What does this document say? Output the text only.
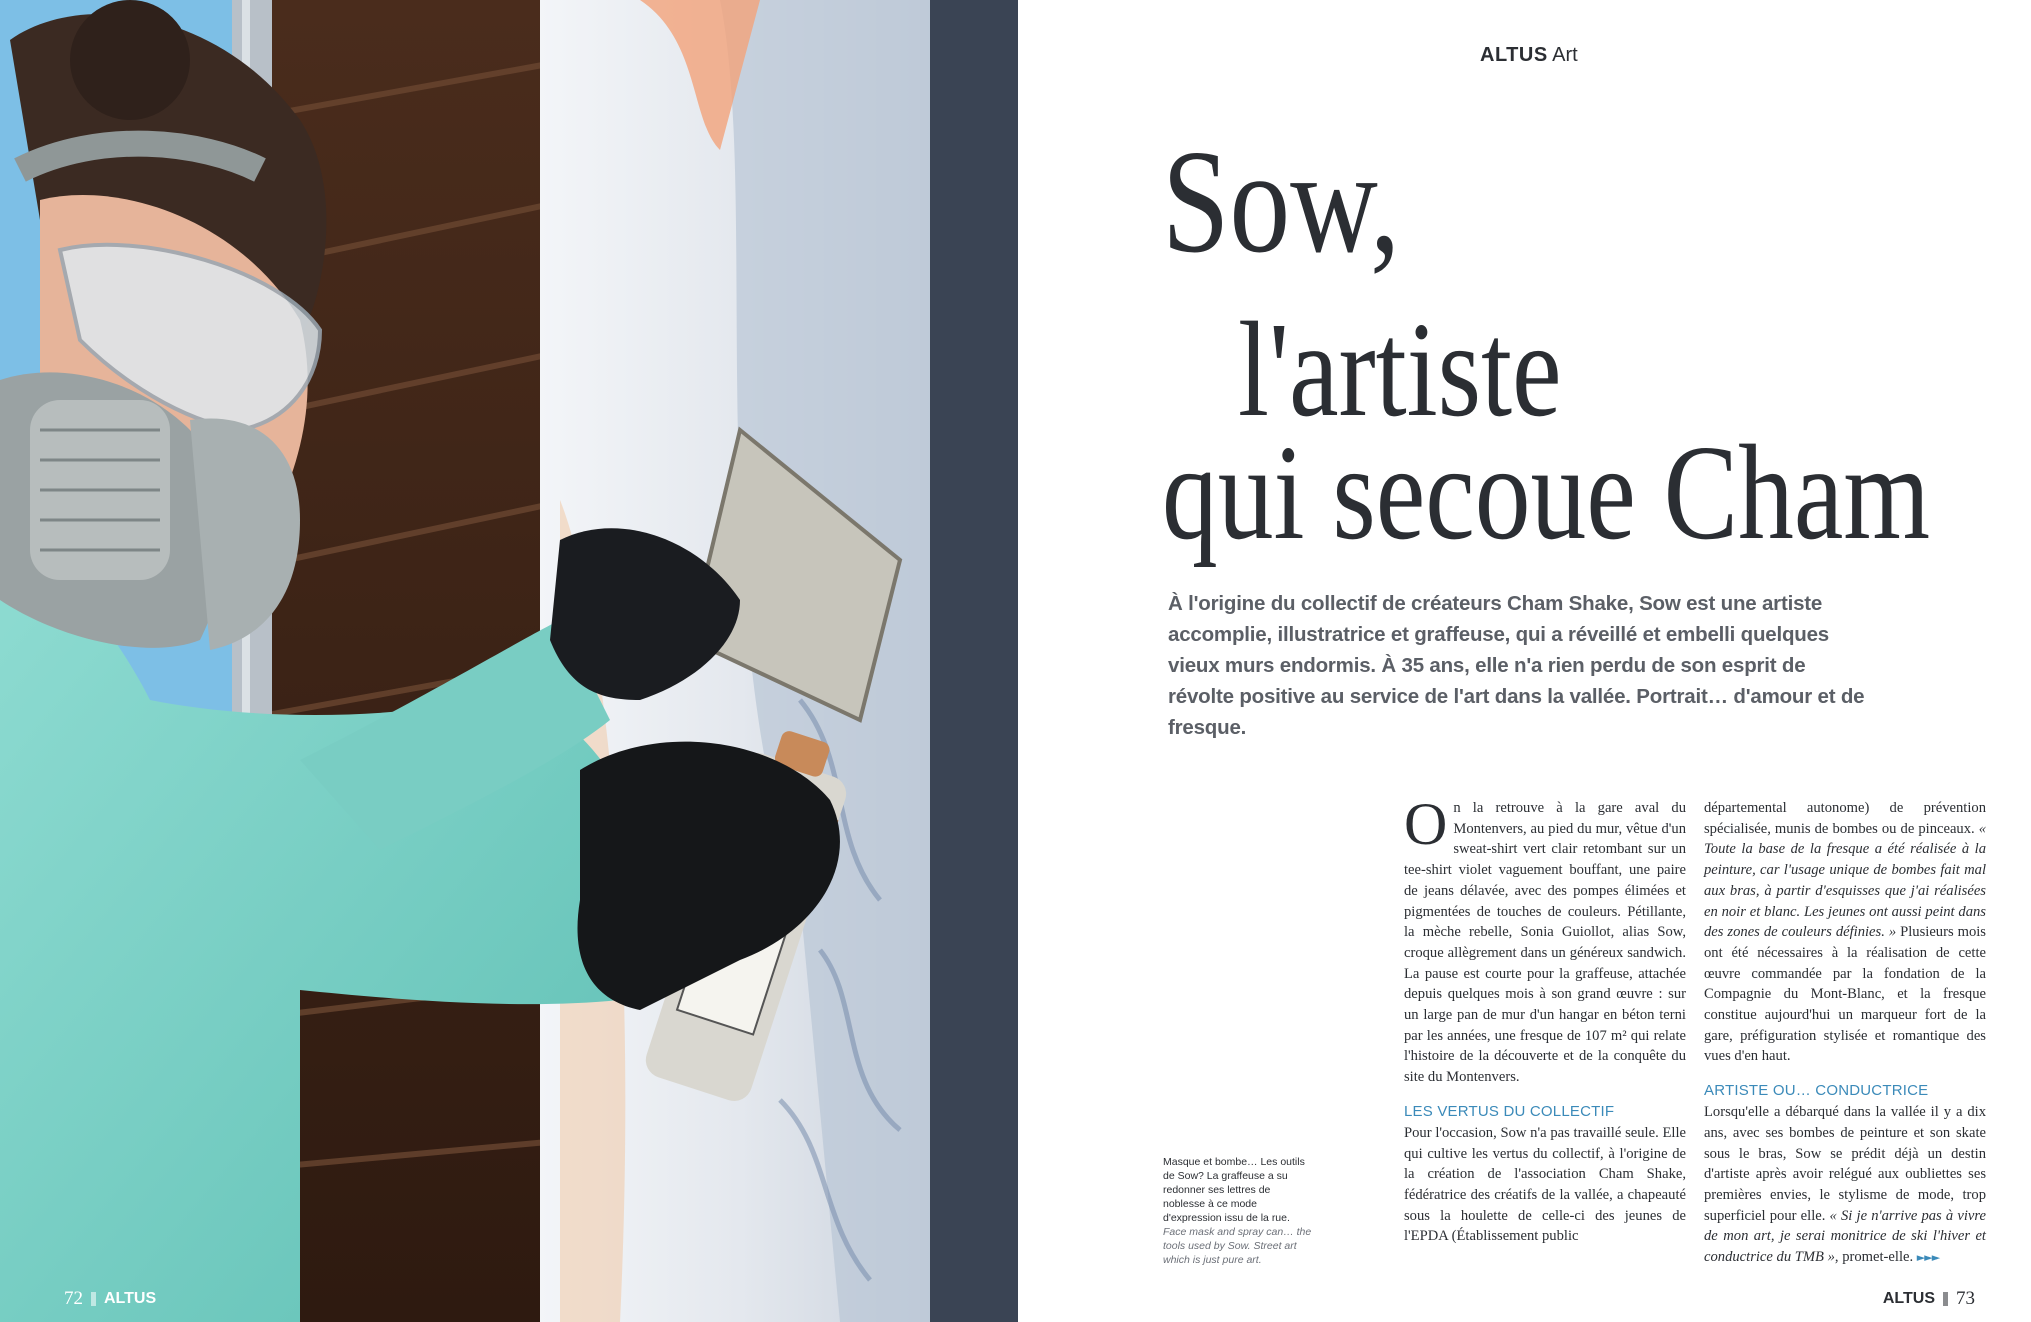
72 ALTUS
ALTUS Art
Sow,
l'artiste
qui secoue Cham
À l'origine du collectif de créateurs Cham Shake, Sow est une artiste accomplie, illustratrice et graffeuse, qui a réveillé et embelli quelques vieux murs endormis. À 35 ans, elle n'a rien perdu de son esprit de révolte positive au service de l'art dans la vallée. Portrait… d'amour et de fresque.
Masque et bombe… Les outils de Sow? La graffeuse a su redonner ses lettres de noblesse à ce mode d'expression issu de la rue.
Face mask and spray can… the tools used by Sow. Street art which is just pure art.

On la retrouve à la gare aval du Montenvers, au pied du mur, vêtue d'un sweat-shirt vert clair retombant sur un tee-shirt violet vaguement bouffant, une paire de jeans délavée, avec des pompes élimées et pigmentées de touches de couleurs. Pétillante, la mèche rebelle, Sonia Guiollot, alias Sow, croque allègrement dans un généreux sandwich. La pause est courte pour la graffeuse, attachée depuis quelques mois à son grand œuvre : sur un large pan de mur d'un hangar en béton terni par les années, une fresque de 107 m² qui relate l'histoire de la découverte et de la conquête du site du Montenvers.

LES VERTUS DU COLLECTIF

Pour l'occasion, Sow n'a pas travaillé seule. Elle qui cultive les vertus du collectif, à l'origine de la création de l'association Cham Shake, fédératrice des créatifs de la vallée, a chapeauté sous la houlette de celle-ci des jeunes de l'EPDA (Établissement public

départemental autonome) de prévention spécialisée, munis de bombes ou de pinceaux. « Toute la base de la fresque a été réalisée à la peinture, car l'usage unique de bombes fait mal aux bras, à partir d'esquisses que j'ai réalisées en noir et blanc. Les jeunes ont aussi peint dans des zones de couleurs définies. » Plusieurs mois ont été nécessaires à la réalisation de cette œuvre commandée par la fondation de la Compagnie du Mont-Blanc, et la fresque constitue aujourd'hui un marqueur fort de la gare, préfiguration stylisée et romantique des vues d'en haut.

ARTISTE OU… CONDUCTRICE

Lorsqu'elle a débarqué dans la vallée il y a dix ans, avec ses bombes de peinture et son skate sous le bras, Sow se prédit déjà un destin d'artiste après avoir relégué aux oubliettes ses premières envies, le stylisme de mode, trop superficiel pour elle. « Si je n'arrive pas à vivre de mon art, je serai monitrice de ski l'hiver et conductrice du TMB », promet-elle. ►►►

ALTUS 73
